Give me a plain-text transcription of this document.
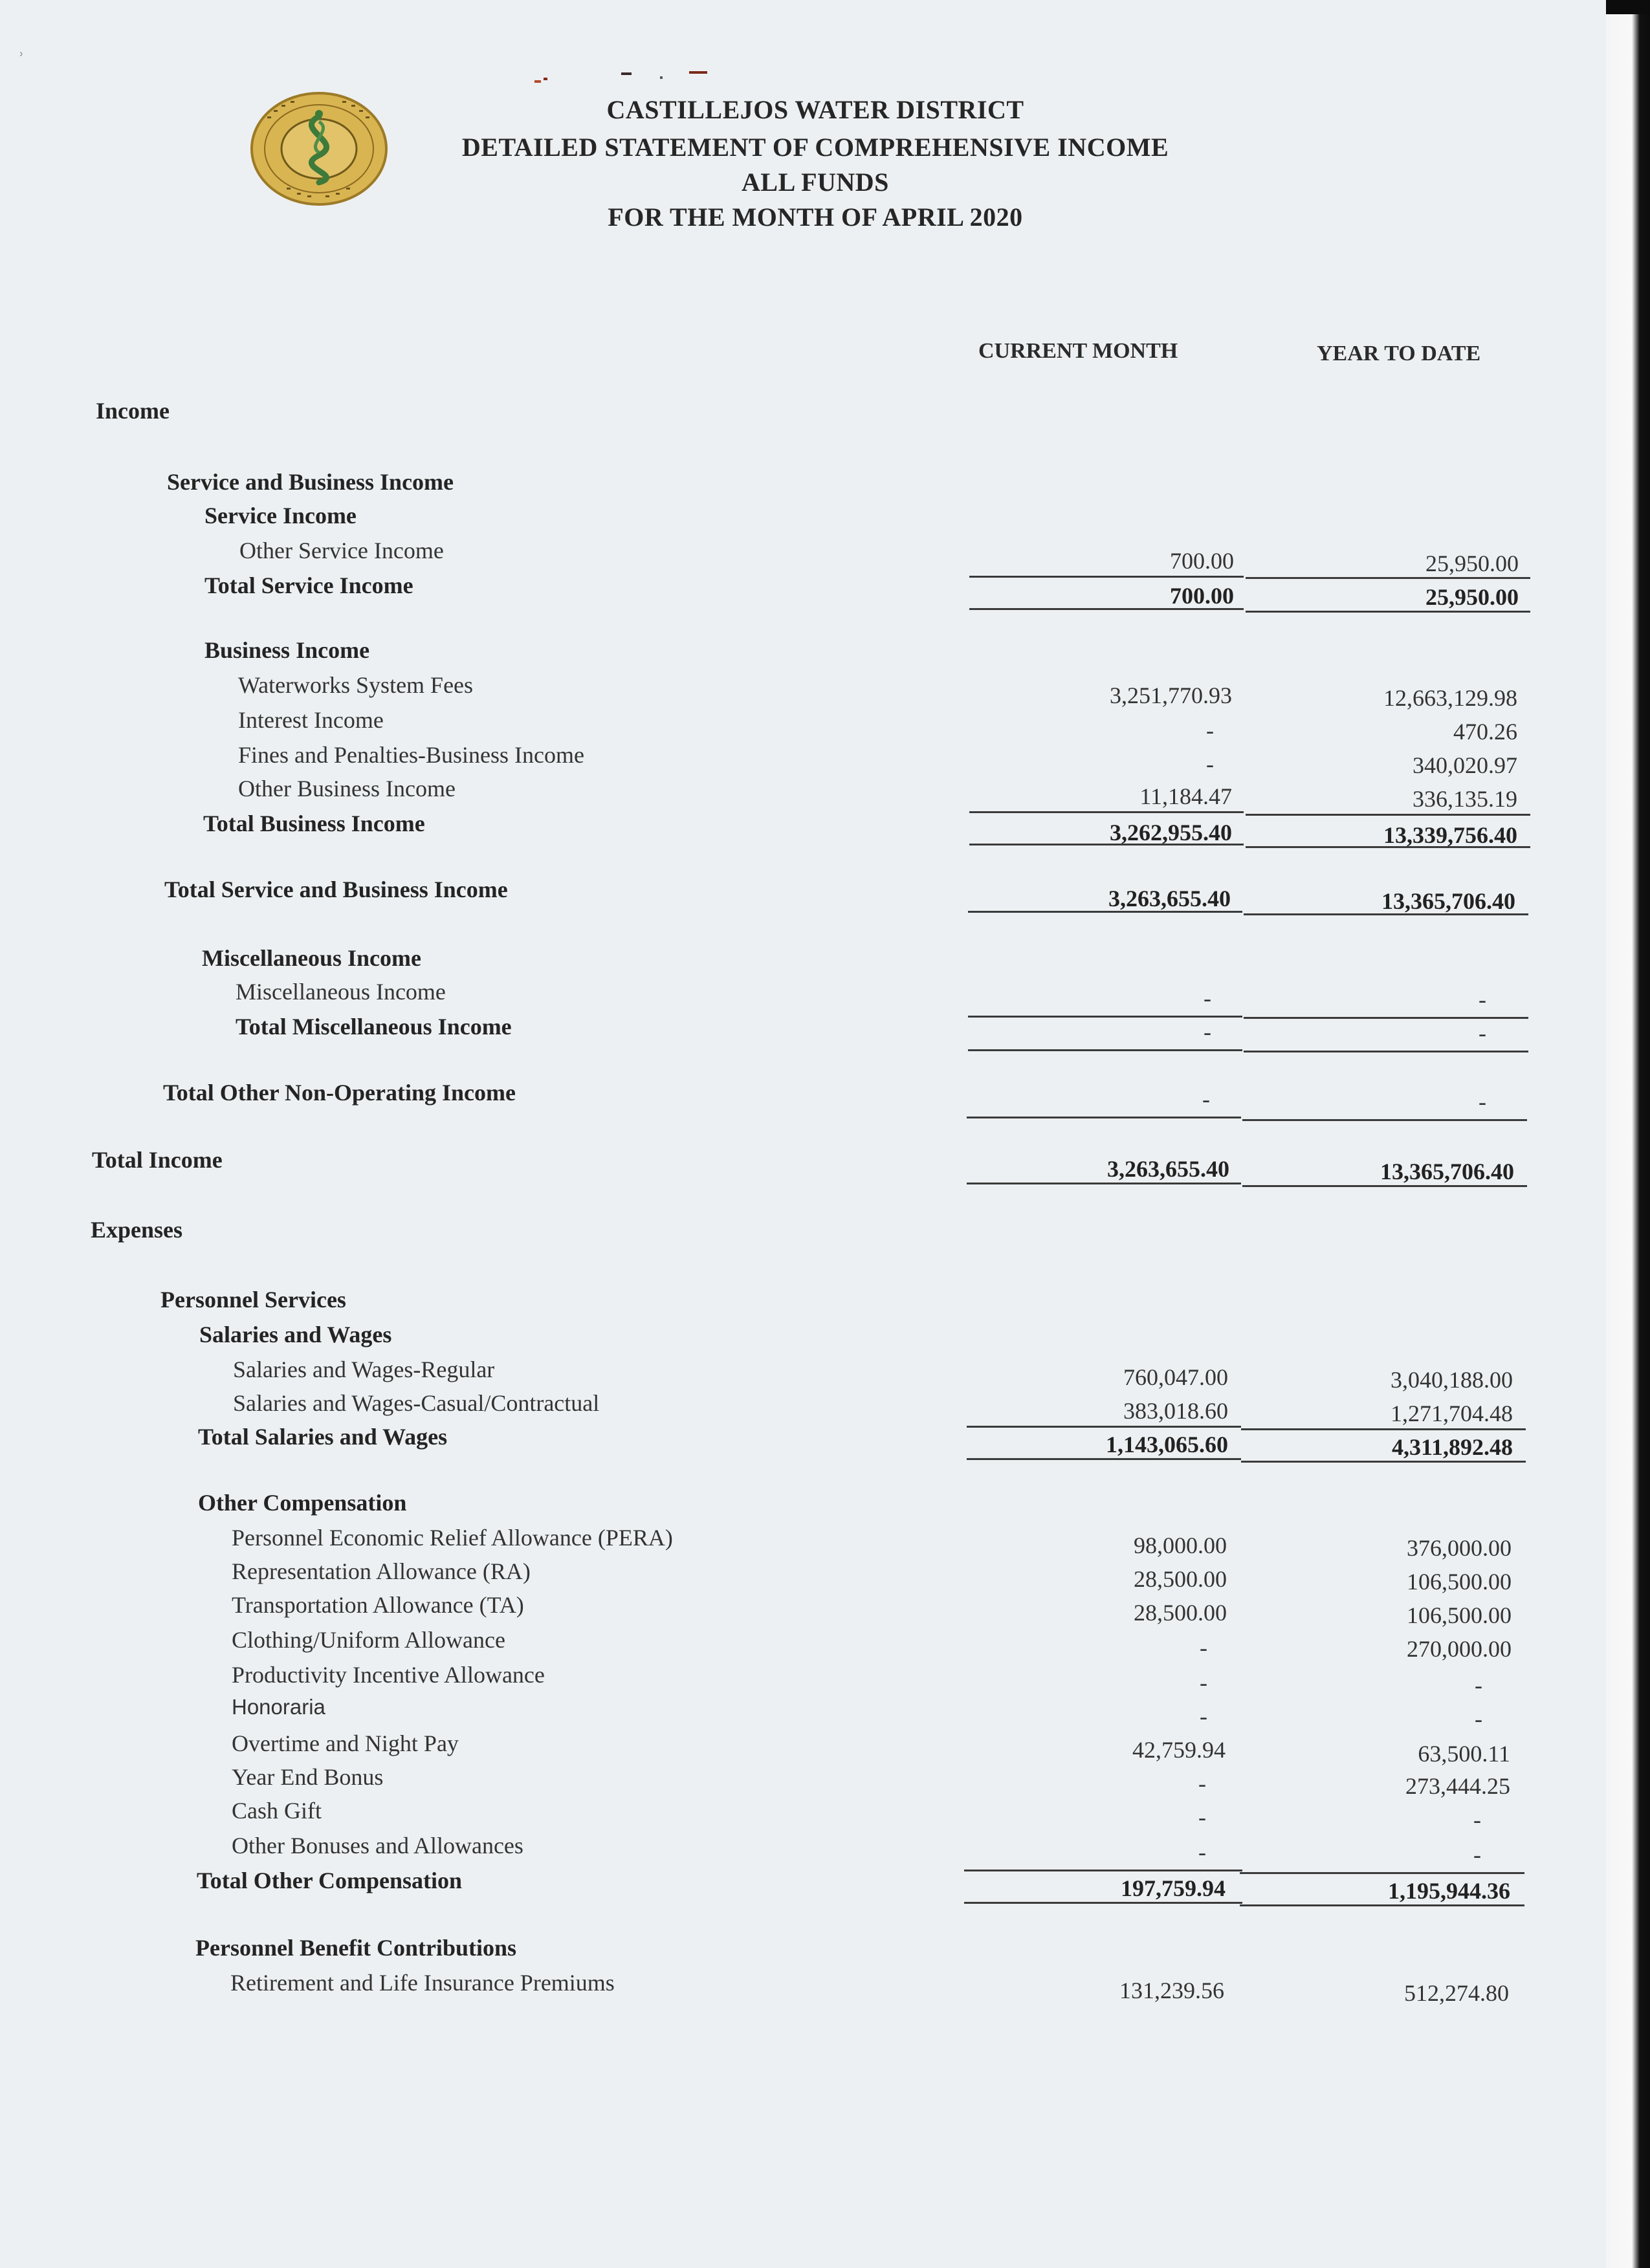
⸒
CASTILLEJOS WATER DISTRICT
DETAILED STATEMENT OF COMPREHENSIVE INCOME
ALL FUNDS
FOR THE MONTH OF APRIL 2020
CURRENT MONTH	YEAR TO DATE
Income
Service and Business Income
Service Income
Other Service Income	700.00	25,950.00
Total Service Income	700.00	25,950.00
Business Income
Waterworks System Fees	3,251,770.93	12,663,129.98
Interest Income	-	470.26
Fines and Penalties-Business Income	-	340,020.97
Other Business Income	11,184.47	336,135.19
Total Business Income	3,262,955.40	13,339,756.40
Total Service and Business Income	3,263,655.40	13,365,706.40
Miscellaneous Income
Miscellaneous Income	-	-
Total Miscellaneous Income	-	-
Total Other Non-Operating Income	-	-
Total Income	3,263,655.40	13,365,706.40
Expenses
Personnel Services
Salaries and Wages
Salaries and Wages-Regular	760,047.00	3,040,188.00
Salaries and Wages-Casual/Contractual	383,018.60	1,271,704.48
Total Salaries and Wages	1,143,065.60	4,311,892.48
Other Compensation
Personnel Economic Relief Allowance (PERA)	98,000.00	376,000.00
Representation Allowance (RA)	28,500.00	106,500.00
Transportation Allowance (TA)	28,500.00	106,500.00
Clothing/Uniform Allowance	-	270,000.00
Productivity Incentive Allowance	-	-
Honoraria	-	-
Overtime and Night Pay	42,759.94	63,500.11
Year End Bonus	-	273,444.25
Cash Gift	-	-
Other Bonuses and Allowances	-	-
Total Other Compensation	197,759.94	1,195,944.36
Personnel Benefit Contributions
Retirement and Life Insurance Premiums	131,239.56	512,274.80
